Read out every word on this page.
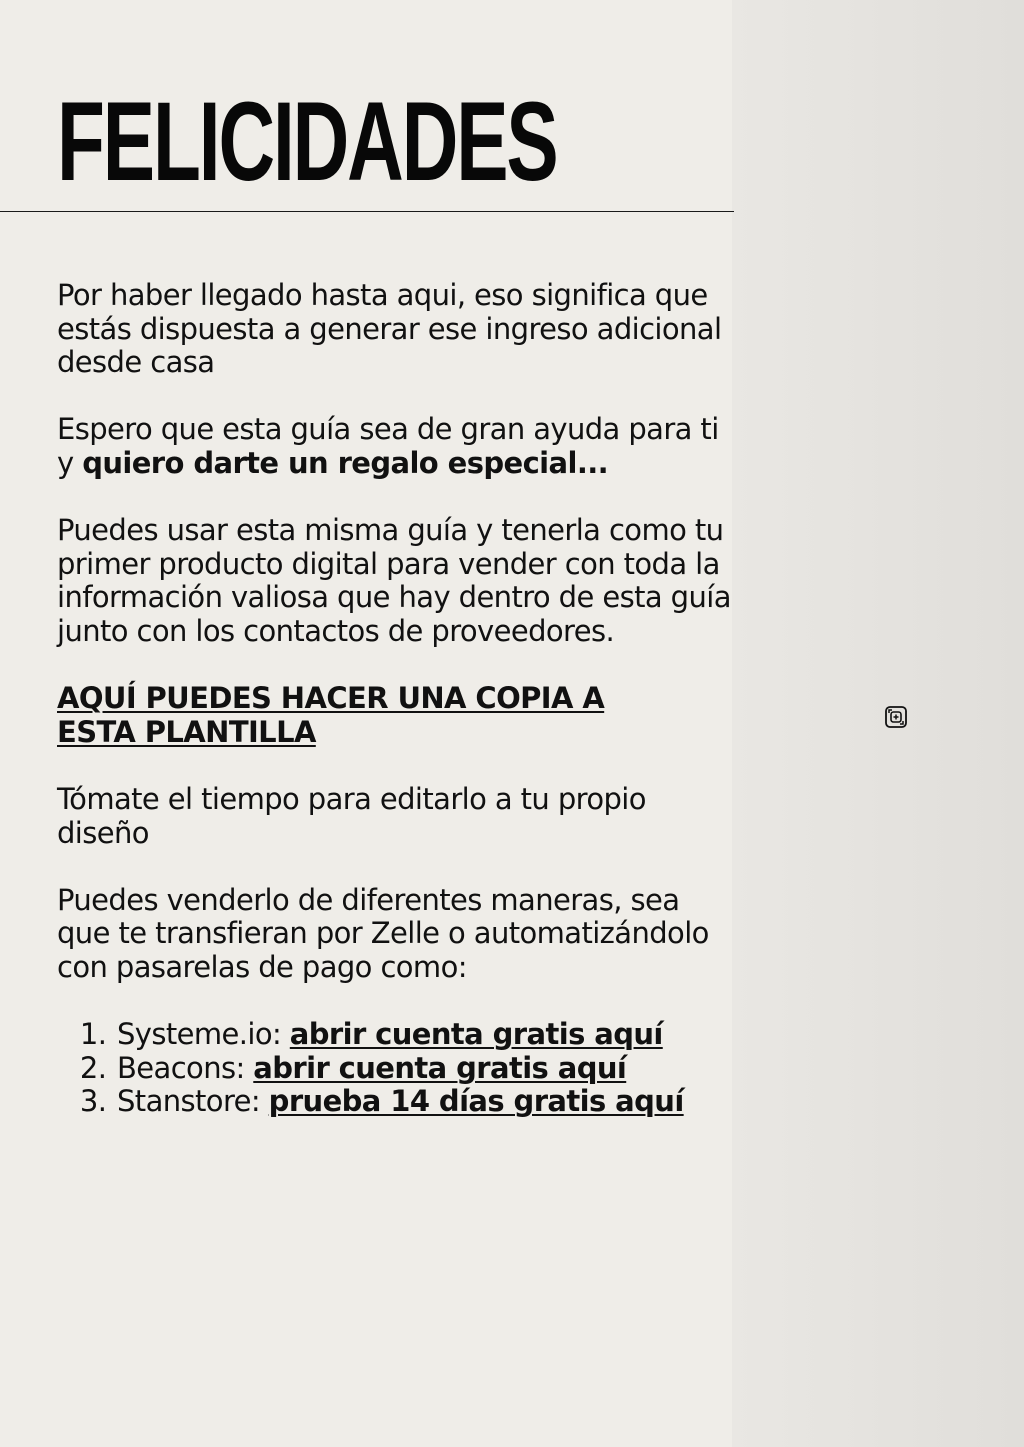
FELICIDADES

Por haber llegado hasta aqui, eso significa que estás dispuesta a generar ese ingreso adicional desde casa

Espero que esta guía sea de gran ayuda para ti y quiero darte un regalo especial...

Puedes usar esta misma guía y tenerla como tu primer producto digital para vender con toda la información valiosa que hay dentro de esta guía junto con los contactos de proveedores.

AQUÍ PUEDES HACER UNA COPIA A ESTA PLANTILLA

Tómate el tiempo para editarlo a tu propio diseño

Puedes venderlo de diferentes maneras, sea que te transfieran por Zelle o automatizándolo con pasarelas de pago como:

1. Systeme.io: abrir cuenta gratis aquí
2. Beacons: abrir cuenta gratis aquí
3. Stanstore: prueba 14 días gratis aquí
